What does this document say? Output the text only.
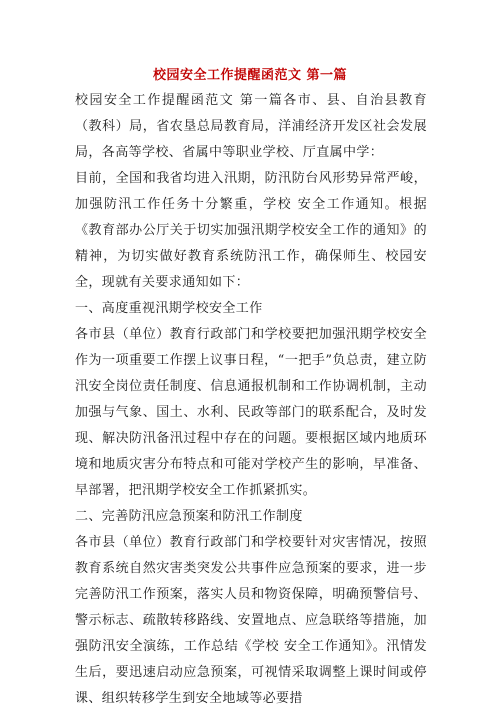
校园安全工作提醒函范文 第一篇

校园安全工作提醒函范文 第一篇各市、县、自治县教育（教科）局，省农垦总局教育局，洋浦经济开发区社会发展局，各高等学校、省属中等职业学校、厅直属中学：

目前，全国和我省均进入汛期，防汛防台风形势异常严峻，加强防汛工作任务十分繁重，学校 安全工作通知。根据《教育部办公厅关于切实加强汛期学校安全工作的通知》的精神，为切实做好教育系统防汛工作，确保师生、校园安全，现就有关要求通知如下：

一、高度重视汛期学校安全工作

各市县（单位）教育行政部门和学校要把加强汛期学校安全作为一项重要工作摆上议事日程，“一把手”负总责，建立防汛安全岗位责任制度、信息通报机制和工作协调机制，主动加强与气象、国土、水利、民政等部门的联系配合，及时发现、解决防汛备汛过程中存在的问题。要根据区域内地质环境和地质灾害分布特点和可能对学校产生的影响，早准备、早部署，把汛期学校安全工作抓紧抓实。

二、完善防汛应急预案和防汛工作制度

各市县（单位）教育行政部门和学校要针对灾害情况，按照教育系统自然灾害类突发公共事件应急预案的要求，进一步完善防汛工作预案，落实人员和物资保障，明确预警信号、警示标志、疏散转移路线、安置地点、应急联络等措施，加强防汛安全演练，工作总结《学校 安全工作通知》。汛情发生后，要迅速启动应急预案，可视情采取调整上课时间或停课、组织转移学生到安全地域等必要措
